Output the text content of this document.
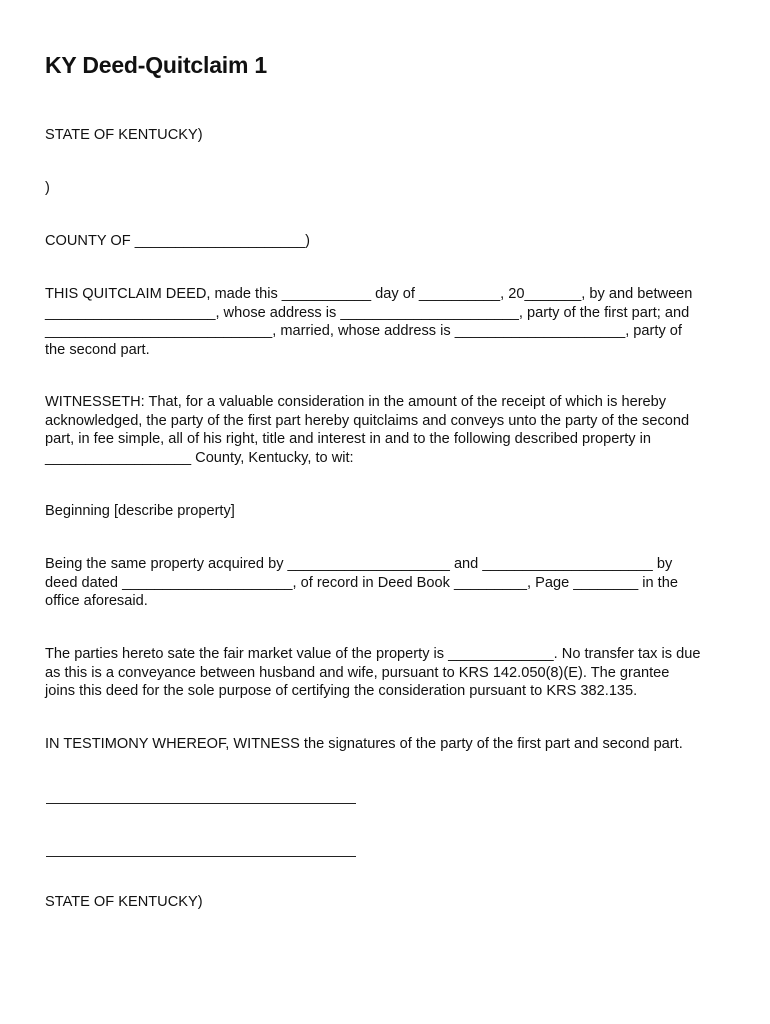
KY Deed-Quitclaim 1
STATE OF KENTUCKY)
)
COUNTY OF _____________________)
THIS QUITCLAIM DEED, made this ___________ day of __________, 20_______, by and between
_____________________, whose address is ______________________, party of the first part; and
____________________________, married, whose address is _____________________, party of
the second part.
WITNESSETH: That, for a valuable consideration in the amount of the receipt of which is hereby
acknowledged, the party of the first part hereby quitclaims and conveys unto the party of the second
part, in fee simple, all of his right, title and interest in and to the following described property in
__________________ County, Kentucky, to wit:
Beginning [describe property]
Being the same property acquired by ____________________ and _____________________ by
deed dated _____________________, of record in Deed Book _________, Page ________ in the
office aforesaid.
The parties hereto sate the fair market value of the property is _____________. No transfer tax is due
as this is a conveyance between husband and wife, pursuant to KRS 142.050(8)(E). The grantee
joins this deed for the sole purpose of certifying the consideration pursuant to KRS 382.135.
IN TESTIMONY WHEREOF, WITNESS the signatures of the party of the first part and second part.
STATE OF KENTUCKY)
